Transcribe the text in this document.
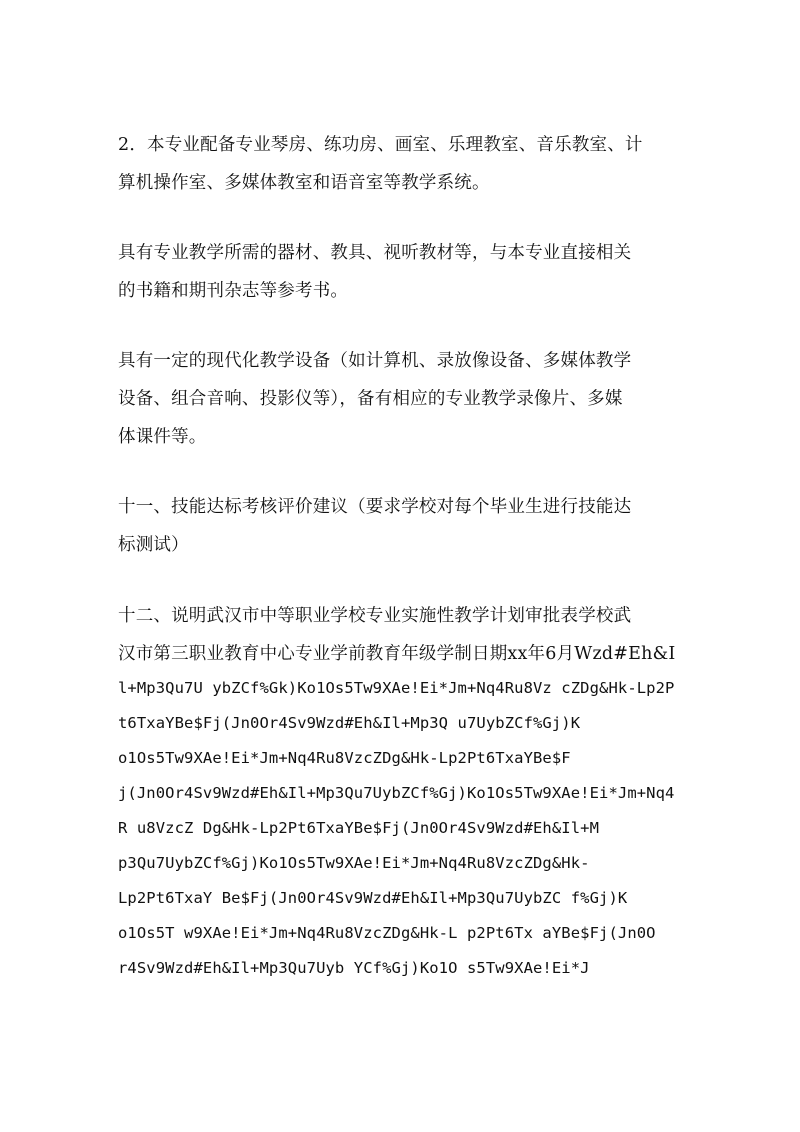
2．本专业配备专业琴房、练功房、画室、乐理教室、音乐教室、计
算机操作室、多媒体教室和语音室等教学系统。
具有专业教学所需的器材、教具、视听教材等，与本专业直接相关
的书籍和期刊杂志等参考书。
具有一定的现代化教学设备（如计算机、录放像设备、多媒体教学
设备、组合音响、投影仪等），备有相应的专业教学录像片、多媒
体课件等。
十一、技能达标考核评价建议（要求学校对每个毕业生进行技能达
标测试）
十二、说明武汉市中等职业学校专业实施性教学计划审批表学校武
汉市第三职业教育中心专业学前教育年级学制日期xx年6月Wzd#Eh&I
l+Mp3Qu7U ybZCf%Gk)Ko1Os5Tw9XAe!Ei*Jm+Nq4Ru8Vz cZDg&Hk-Lp2P
t6TxaYBe$Fj(Jn0Or4Sv9Wzd#Eh&Il+Mp3Q u7UybZCf%Gj)K
o1Os5Tw9XAe!Ei*Jm+Nq4Ru8VzcZDg&Hk-Lp2Pt6TxaYBe$F
j(Jn0Or4Sv9Wzd#Eh&Il+Mp3Qu7UybZCf%Gj)Ko1Os5Tw9XAe!Ei*Jm+Nq4
R u8VzcZ Dg&Hk-Lp2Pt6TxaYBe$Fj(Jn0Or4Sv9Wzd#Eh&Il+M
p3Qu7UybZCf%Gj)Ko1Os5Tw9XAe!Ei*Jm+Nq4Ru8VzcZDg&Hk-
Lp2Pt6TxaY Be$Fj(Jn0Or4Sv9Wzd#Eh&Il+Mp3Qu7UybZC f%Gj)K
o1Os5T w9XAe!Ei*Jm+Nq4Ru8VzcZDg&Hk-L p2Pt6Tx aYBe$Fj(Jn0O
r4Sv9Wzd#Eh&Il+Mp3Qu7Uyb YCf%Gj)Ko1O s5Tw9XAe!Ei*J
